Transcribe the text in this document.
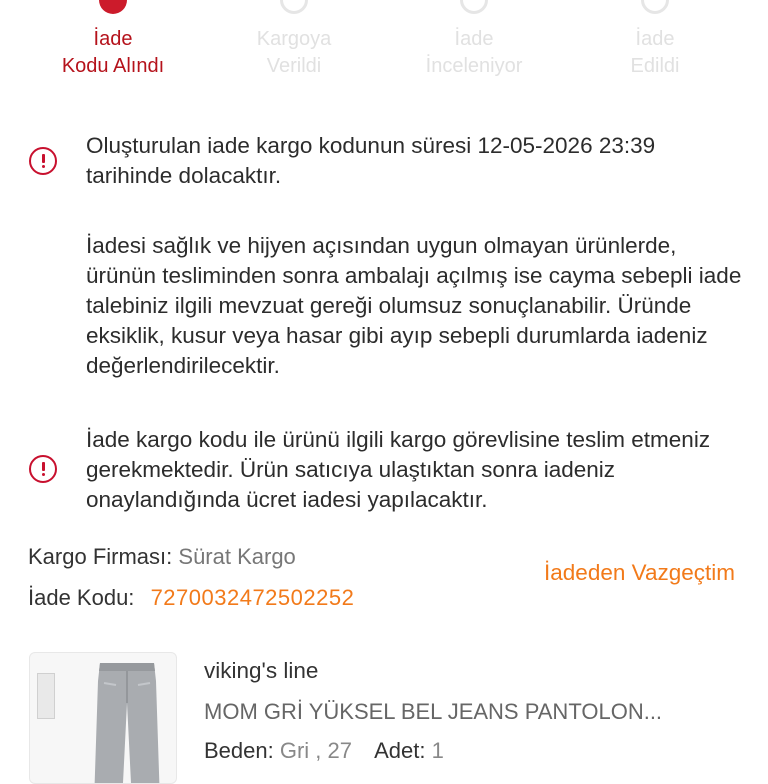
İade
Kodu Alındı
Kargoya
Verildi
İade
İnceleniyor
İade
Edildi
Oluşturulan iade kargo kodunun süresi 12-05-2026 23:39 tarihinde dolacaktır.
İadesi sağlık ve hijyen açısından uygun olmayan ürünlerde, ürünün tesliminden sonra ambalajı açılmış ise cayma sebepli iade talebiniz ilgili mevzuat gereği olumsuz sonuçlanabilir. Üründe eksiklik, kusur veya hasar gibi ayıp sebepli durumlarda iadeniz değerlendirilecektir.
İade kargo kodu ile ürünü ilgili kargo görevlisine teslim etmeniz gerekmektedir. Ürün satıcıya ulaştıktan sonra iadeniz onaylandığında ücret iadesi yapılacaktır.
Kargo Firması: Sürat Kargo
İade Kodu: 7270032472502252
İadeden Vazgeçtim
viking's line
MOM GRİ YÜKSEL BEL JEANS PANTOLON...
Beden: Gri , 27 Adet: 1
